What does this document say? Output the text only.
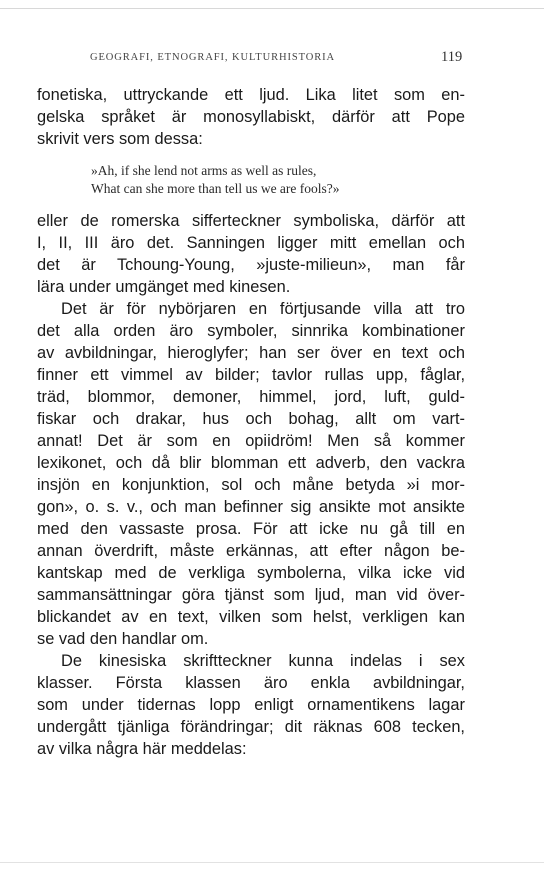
GEOGRAFI, ETNOGRAFI, KULTURHISTORIA	119
fonetiska, uttryckande ett ljud. Lika litet som en-
gelska språket är monosyllabiskt, därför att Pope
skrivit vers som dessa:
»Ah, if she lend not arms as well as rules,
What can she more than tell us we are fools?»
eller de romerska sifferteckner symboliska, därför att
I, II, III äro det. Sanningen ligger mitt emellan och
det är Tchoung-Young, »juste-milieun», man får
lära under umgänget med kinesen.
Det är för nybörjaren en förtjusande villa att tro
det alla orden äro symboler, sinnrika kombinationer
av avbildningar, hieroglyfer; han ser över en text och
finner ett vimmel av bilder; tavlor rullas upp, fåglar,
träd, blommor, demoner, himmel, jord, luft, guld-
fiskar och drakar, hus och bohag, allt om vart-
annat! Det är som en opiidröm! Men så kommer
lexikonet, och då blir blomman ett adverb, den vackra
insjön en konjunktion, sol och måne betyda »i mor-
gon», o. s. v., och man befinner sig ansikte mot ansikte
med den vassaste prosa. För att icke nu gå till en
annan överdrift, måste erkännas, att efter någon be-
kantskap med de verkliga symbolerna, vilka icke vid
sammansättningar göra tjänst som ljud, man vid över-
blickandet av en text, vilken som helst, verkligen kan
se vad den handlar om.
De kinesiska skriftteckner kunna indelas i sex
klasser. Första klassen äro enkla avbildningar,
som under tidernas lopp enligt ornamentikens lagar
undergått tjänliga förändringar; dit räknas 608 tecken,
av vilka några här meddelas:
